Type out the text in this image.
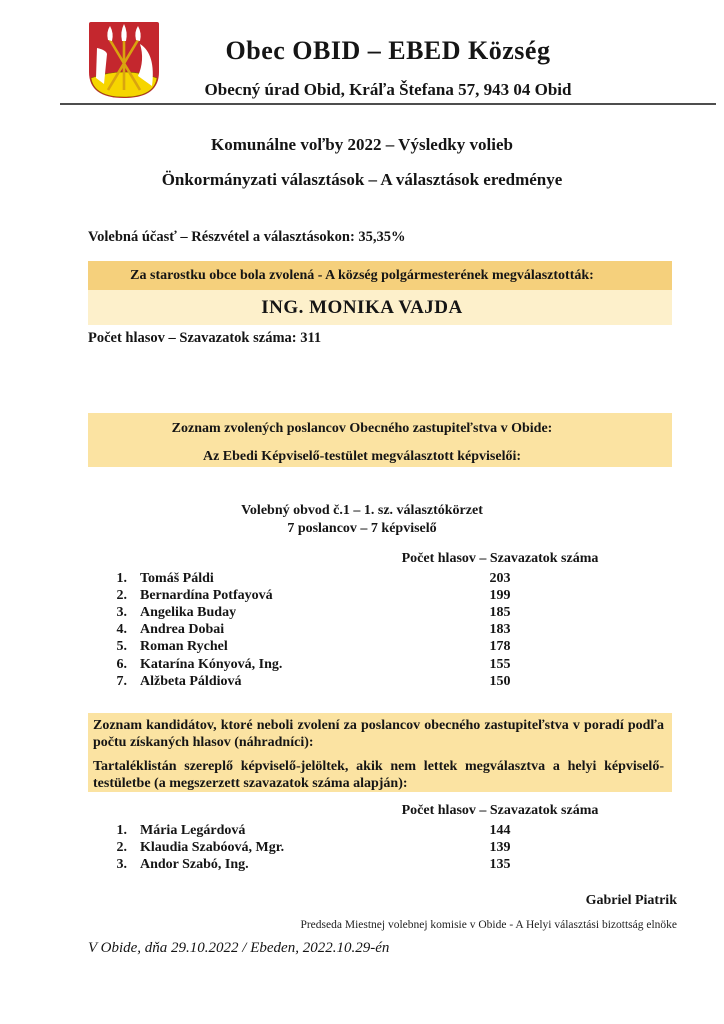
Obec OBID – EBED Község
Obecný úrad Obid, Kráľa Štefana 57, 943 04 Obid
Komunálne voľby 2022 – Výsledky volieb
Önkormányzati választások – A választások eredménye
Volebná účasť – Részvétel a választásokon: 35,35%
Za starostku obce bola zvolená - A község polgármesterének megválasztották:
ING. MONIKA VAJDA
Počet hlasov – Szavazatok száma: 311
Zoznam zvolených poslancov Obecného zastupiteľstva v Obide:
Az Ebedi Képviselő-testület megválasztott képviselői:
Volebný obvod č.1 – 1. sz. választókörzet
7 poslancov – 7 képviselő
Počet hlasov – Szavazatok száma
1. Tomáš Páldi	203
2. Bernardína Potfayová	199
3. Angelika Buday	185
4. Andrea Dobai	183
5. Roman Rychel	178
6. Katarína Kónyová, Ing.	155
7. Alžbeta Páldiová	150

Zoznam kandidátov, ktoré neboli zvolení za poslancov obecného zastupiteľstva v poradí podľa počtu získaných hlasov (náhradníci):

Tartaléklistán szereplő képviselő-jelöltek, akik nem lettek megválasztva a helyi képviselő-testületbe (a megszerzett szavazatok száma alapján):

Počet hlasov – Szavazatok száma
1. Mária Legárdová	144
2. Klaudia Szabóová, Mgr.	139
3. Andor Szabó, Ing.	135
Gabriel Piatrik
Predseda Miestnej volebnej komisie v Obide - A Helyi választási bizottság elnöke
V Obide, dňa 29.10.2022 / Ebeden, 2022.10.29-én
